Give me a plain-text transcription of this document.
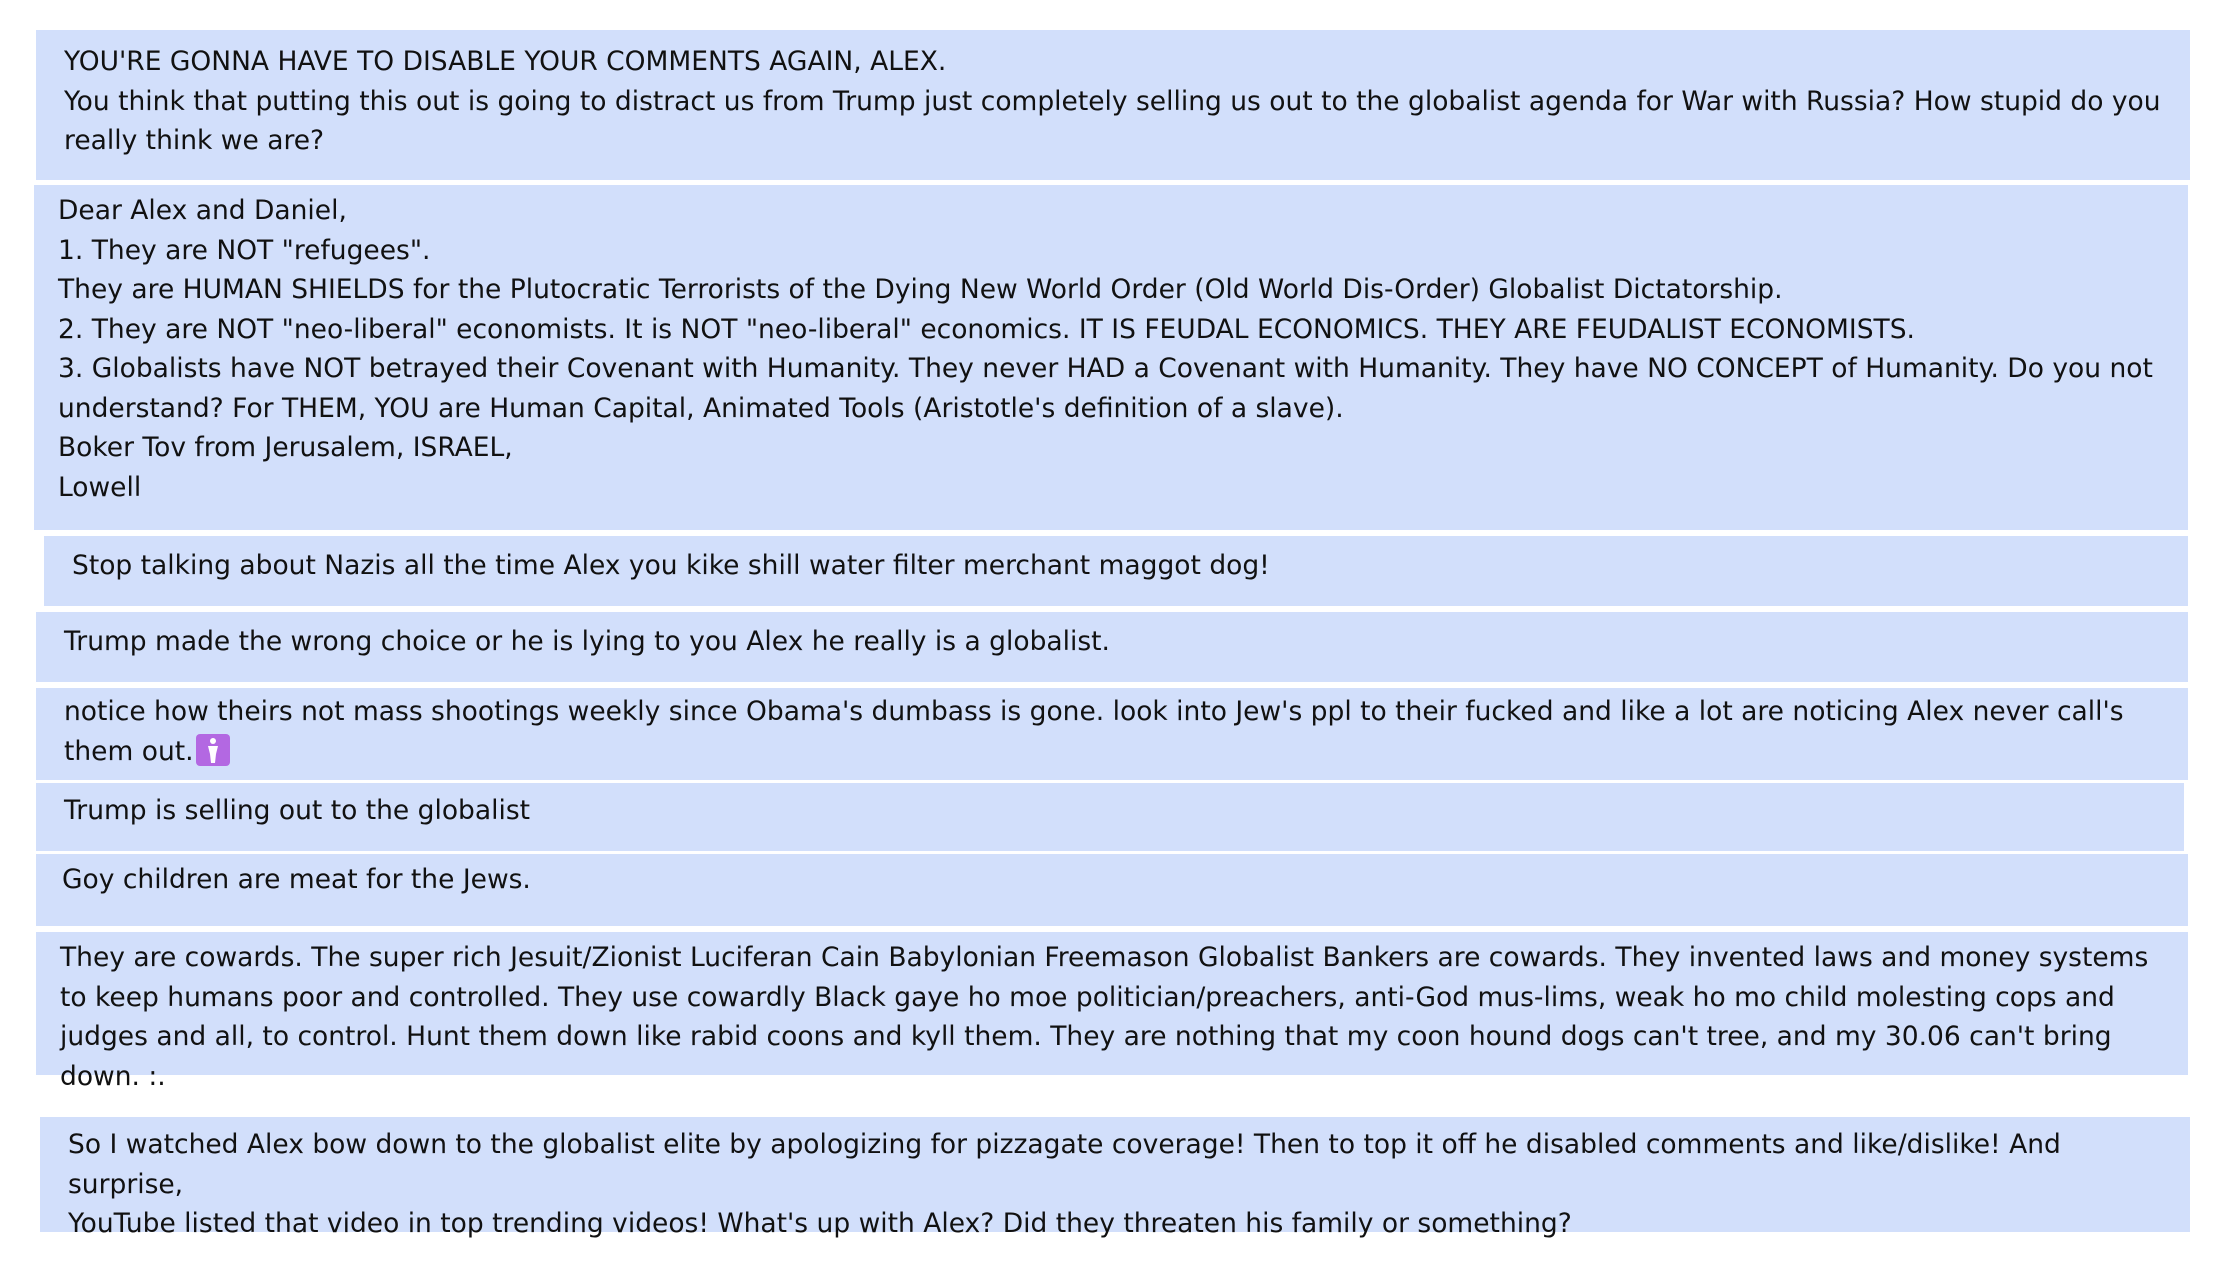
YOU'RE GONNA HAVE TO DISABLE YOUR COMMENTS AGAIN, ALEX.
You think that putting this out is going to distract us from Trump just completely selling us out to the globalist agenda for War with Russia? How stupid do you
really think we are?
Dear Alex and Daniel,
1. They are NOT "refugees".
They are HUMAN SHIELDS for the Plutocratic Terrorists of the Dying New World Order (Old World Dis-Order) Globalist Dictatorship.
2. They are NOT "neo-liberal" economists. It is NOT "neo-liberal" economics. IT IS FEUDAL ECONOMICS. THEY ARE FEUDALIST ECONOMISTS.
3. Globalists have NOT betrayed their Covenant with Humanity. They never HAD a Covenant with Humanity. They have NO CONCEPT of Humanity. Do you not
understand? For THEM, YOU are Human Capital, Animated Tools (Aristotle's definition of a slave).
Boker Tov from Jerusalem, ISRAEL,
Lowell
Stop talking about Nazis all the time Alex you kike shill water filter merchant maggot dog!
Trump made the wrong choice or he is lying to you Alex he really is a globalist.
notice how theirs not mass shootings weekly since Obama's dumbass is gone. look into Jew's ppl to their fucked and like a lot are noticing Alex never call's
them out.
Trump is selling out to the globalist
Goy children are meat for the Jews.
They are cowards. The super rich Jesuit/Zionist Luciferan Cain Babylonian Freemason Globalist Bankers are cowards. They invented laws and money systems
to keep humans poor and controlled. They use cowardly Black gaye ho moe politician/preachers, anti-God mus-lims, weak ho mo child molesting cops and
judges and all, to control. Hunt them down like rabid coons and kyll them. They are nothing that my coon hound dogs can't tree, and my 30.06 can't bring
down. :.
So I watched Alex bow down to the globalist elite by apologizing for pizzagate coverage! Then to top it off he disabled comments and like/dislike! And surprise,
YouTube listed that video in top trending videos! What's up with Alex? Did they threaten his family or something?
